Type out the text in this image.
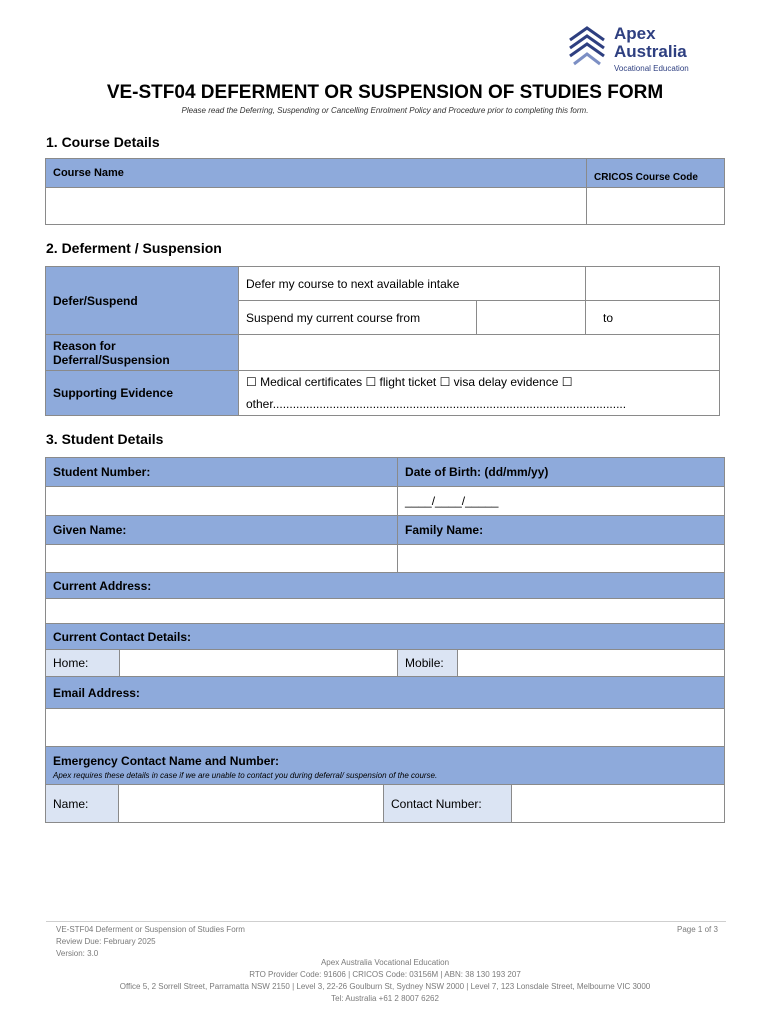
Apex
Australia
Vocational Education
VE-STF04 DEFERMENT OR SUSPENSION OF STUDIES FORM
Please read the Deferring, Suspending or Cancelling Enrolment Policy and Procedure prior to completing this form.
1. Course Details
Course Name	CRICOS Course Code

2. Deferment / Suspension
Defer/Suspend	Defer my course to next available intake		
	Suspend my current course from		to
Reason for Deferral/Suspension			
Supporting Evidence	☐ Medical certificates ☐ flight ticket ☐ visa delay evidence ☐
other..........................................................................................................		
3. Student Details
Student Number:		Date of Birth: (dd/mm/yy)	
		____/____/_____	
Given Name:		Family Name:	

Current Address:			

Current Contact Details:			
Home:		Mobile:	
Email Address:			

Emergency Contact Name and Number:
Apex requires these details in case if we are unable to contact you during deferral/ suspension of the course.			
Name:		Contact Number:	
VE-STF04 Deferment or Suspension of Studies Form
Review Due: February 2025
Version: 3.0
Page 1 of 3
Apex Australia Vocational Education
RTO Provider Code: 91606 | CRICOS Code: 03156M | ABN: 38 130 193 207
Office 5, 2 Sorrell Street, Parramatta NSW 2150 | Level 3, 22-26 Goulburn St, Sydney NSW 2000 | Level 7, 123 Lonsdale Street, Melbourne VIC 3000
Tel: Australia +61 2 8007 6262
